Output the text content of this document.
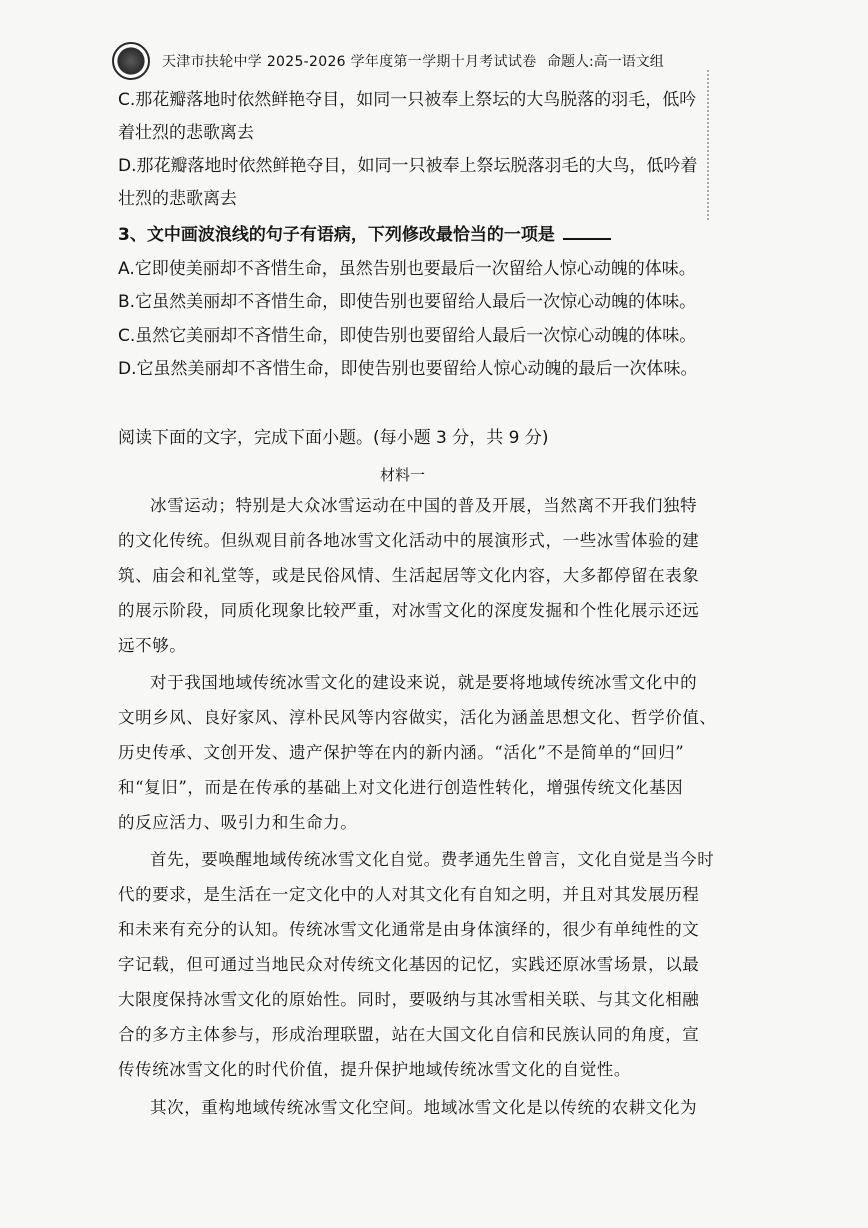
天津市扶轮中学 2025-2026 学年度第一学期十月考试试卷 命题人:高一语文组
C.那花瓣落地时依然鲜艳夺目，如同一只被奉上祭坛的大鸟脱落的羽毛，低吟
着壮烈的悲歌离去
D.那花瓣落地时依然鲜艳夺目，如同一只被奉上祭坛脱落羽毛的大鸟，低吟着
壮烈的悲歌离去
3、文中画波浪线的句子有语病，下列修改最恰当的一项是
A.它即使美丽却不吝惜生命，虽然告别也要最后一次留给人惊心动魄的体味。
B.它虽然美丽却不吝惜生命，即使告别也要留给人最后一次惊心动魄的体味。
C.虽然它美丽却不吝惜生命，即使告别也要留给人最后一次惊心动魄的体味。
D.它虽然美丽却不吝惜生命，即使告别也要留给人惊心动魄的最后一次体味。
阅读下面的文字，完成下面小题。(每小题 3 分，共 9 分)
材料一
冰雪运动；特别是大众冰雪运动在中国的普及开展，当然离不开我们独特
的文化传统。但纵观目前各地冰雪文化活动中的展演形式，一些冰雪体验的建
筑、庙会和礼堂等，或是民俗风情、生活起居等文化内容，大多都停留在表象
的展示阶段，同质化现象比较严重，对冰雪文化的深度发掘和个性化展示还远
远不够。
对于我国地域传统冰雪文化的建设来说，就是要将地域传统冰雪文化中的
文明乡风、良好家风、淳朴民风等内容做实，活化为涵盖思想文化、哲学价值、
历史传承、文创开发、遗产保护等在内的新内涵。“活化”不是简单的“回归”
和“复旧”，而是在传承的基础上对文化进行创造性转化，增强传统文化基因
的反应活力、吸引力和生命力。
首先，要唤醒地域传统冰雪文化自觉。费孝通先生曾言，文化自觉是当今时
代的要求，是生活在一定文化中的人对其文化有自知之明，并且对其发展历程
和未来有充分的认知。传统冰雪文化通常是由身体演绎的，很少有单纯性的文
字记载，但可通过当地民众对传统文化基因的记忆，实践还原冰雪场景，以最
大限度保持冰雪文化的原始性。同时，要吸纳与其冰雪相关联、与其文化相融
合的多方主体参与，形成治理联盟，站在大国文化自信和民族认同的角度，宣
传传统冰雪文化的时代价值，提升保护地域传统冰雪文化的自觉性。
其次，重构地域传统冰雪文化空间。地域冰雪文化是以传统的农耕文化为
